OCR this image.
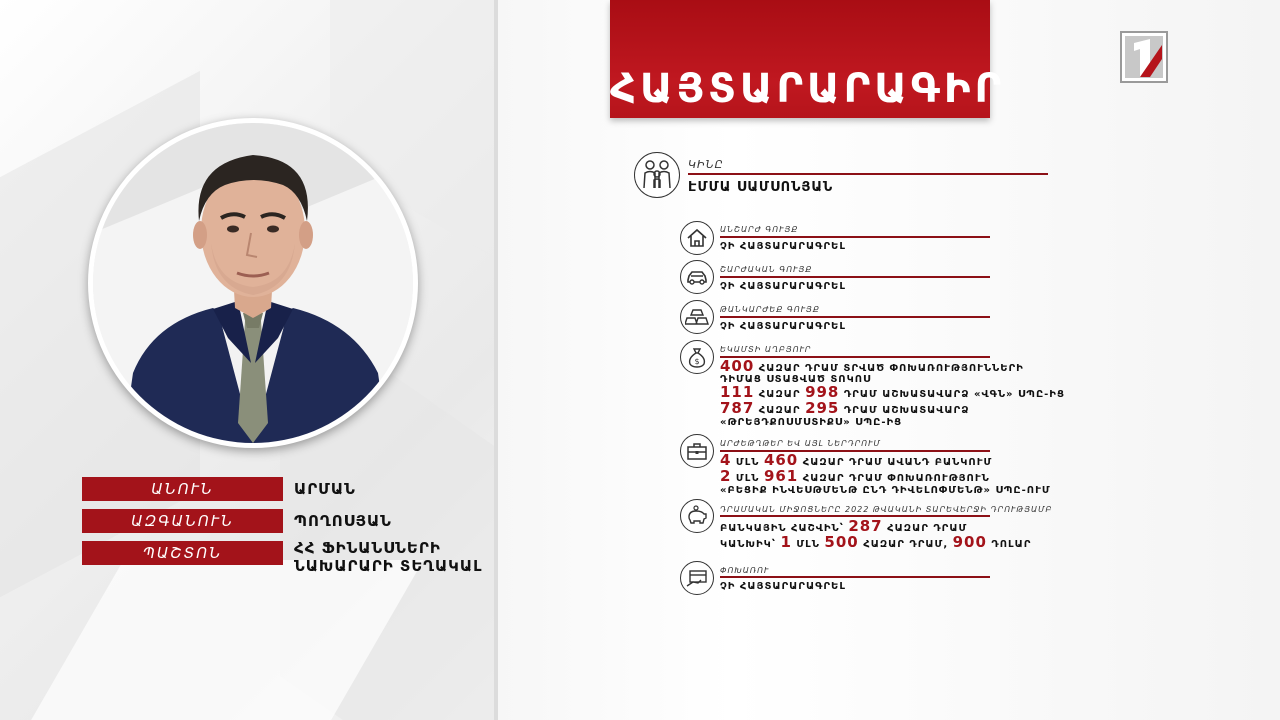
ԱՆՈՒՆ	ԱՐՄԱՆ
ԱԶԳԱՆՈՒՆ	ՊՈՂՈՍՅԱՆ
ՊԱՇՏՈՆ	ՀՀ ՖԻՆԱՆՍՆԵՐԻ
ՆԱԽԱՐԱՐԻ ՏԵՂԱԿԱԼ
ՀԱՅՏԱՐԱՐԱԳԻՐ
ԿԻՆԸ
ԷՄՄԱ ՍԱՄՍՈՆՅԱՆ
ԱՆՇԱՐԺ ԳՈՒՅՔ
ՉԻ ՀԱՅՏԱՐԱՐԱԳՐԵԼ
ՇԱՐԺԱԿԱՆ ԳՈՒՅՔ
ՉԻ ՀԱՅՏԱՐԱՐԱԳՐԵԼ
ԹԱՆԿԱՐԺԵՔ ԳՈՒՅՔ
ՉԻ ՀԱՅՏԱՐԱՐԱԳՐԵԼ
$
ԵԿԱՄՏԻ ԱՂԲՅՈՒՐ
400 ՀԱԶԱՐ ԴՐԱՄ ՏՐՎԱԾ ՓՈԽԱՌՈՒԹՅՈՒՆՆԵՐԻ
ԴԻՄԱՑ ՍՏԱՑՎԱԾ ՏՈԿՈՍ
111 ՀԱԶԱՐ 998 ԴՐԱՄ ԱՇԽԱՏԱՎԱՐՁ «ՎԳՆ» ՍՊԸ-ԻՑ
787 ՀԱԶԱՐ 295 ԴՐԱՄ ԱՇԽԱՏԱՎԱՐՁ
«ԹՐԵՅԴՔՈՍՄՍՏԻՔՍ» ՍՊԸ-ԻՑ
ԱՐԺԵԹՂԹԵՐ ԵՎ ԱՅԼ ՆԵՐԴՐՈՒՄ
4 ՄԼՆ 460 ՀԱԶԱՐ ԴՐԱՄ ԱՎԱՆԴ ԲԱՆԿՈՒՄ
2 ՄԼՆ 961 ՀԱԶԱՐ ԴՐԱՄ ՓՈԽԱՌՈՒԹՅՈՒՆ
«ԲԵՑԻՔ ԻՆՎԵՍԹՄԵՆԹ ԸՆԴ ԴԻՎԵԼՈՓՄԵՆԹ» ՍՊԸ-ՈՒՄ
ԴՐԱՄԱԿԱՆ ՄԻՋՈՑՆԵՐԸ 2022 ԹՎԱԿԱՆԻ ՏԱՐԵՎԵՐՋԻ ԴՐՈՒԹՅԱՄԲ
ԲԱՆԿԱՅԻՆ ՀԱՇՎԻՆ՝ 287 ՀԱԶԱՐ ԴՐԱՄ
ԿԱՆԽԻԿ՝ 1 ՄԼՆ 500 ՀԱԶԱՐ ԴՐԱՄ, 900 ԴՈԼԱՐ
ՓՈԽԱՌՈՒ
ՉԻ ՀԱՅՏԱՐԱՐԱԳՐԵԼ
